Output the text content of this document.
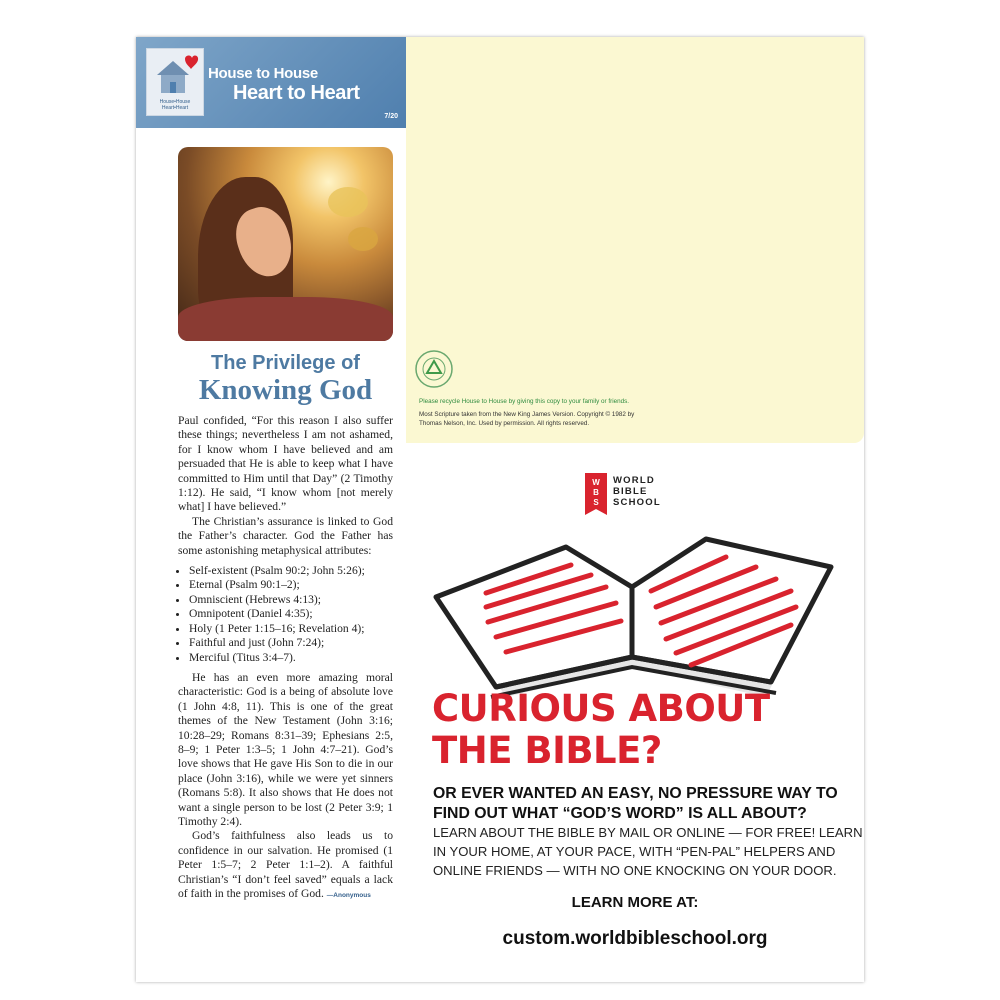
House•House Heart•Heart
House to House
Heart to Heart
7/20
The Privilege of
Knowing God

Paul confided, “For this reason I also suffer these things; nevertheless I am not ashamed, for I know whom I have believed and am persuaded that He is able to keep what I have committed to Him until that Day” (2 Timothy 1:12). He said, “I know whom [not merely what] I have believed.”

The Christian’s assurance is linked to God the Father’s character. God the Father has some astonishing metaphysical attributes:

• Self-existent (Psalm 90:2; John 5:26);
• Eternal (Psalm 90:1–2);
• Omniscient (Hebrews 4:13);
• Omnipotent (Daniel 4:35);
• Holy (1 Peter 1:15–16; Revelation 4);
• Faithful and just (John 7:24);
• Merciful (Titus 3:4–7).

He has an even more amazing moral characteristic: God is a being of absolute love (1 John 4:8, 11). This is one of the great themes of the New Testament (John 3:16; 10:28–29; Romans 8:31–39; Ephesians 2:5, 8–9; 1 Peter 1:3–5; 1 John 4:7–21). God’s love shows that He gave His Son to die in our place (John 3:16), while we were yet sinners (Romans 5:8). It also shows that He does not want a single person to be lost (2 Peter 3:9; 1 Timothy 2:4).

God’s faithfulness also leads us to confidence in our salvation. He promised (1 Peter 1:5–7; 2 Peter 1:1–2). A faithful Christian’s “I don’t feel saved” equals a lack of faith in the promises of God. —Anonymous

Please recycle House to House by giving this copy to your family or friends.
Most Scripture taken from the New King James Version. Copyright © 1982 by
Thomas Nelson, Inc. Used by permission. All rights reserved.
W
B
S
WORLD
BIBLE
SCHOOL
CURIOUS ABOUT
THE BIBLE?
OR EVER WANTED AN EASY, NO PRESSURE WAY TO FIND OUT WHAT “GOD’S WORD” IS ALL ABOUT?
LEARN ABOUT THE BIBLE BY MAIL OR ONLINE — FOR FREE! LEARN IN YOUR HOME, AT YOUR PACE, WITH “PEN-PAL” HELPERS AND ONLINE FRIENDS — WITH NO ONE KNOCKING ON YOUR DOOR.
LEARN MORE AT:
custom.worldbibleschool.org
